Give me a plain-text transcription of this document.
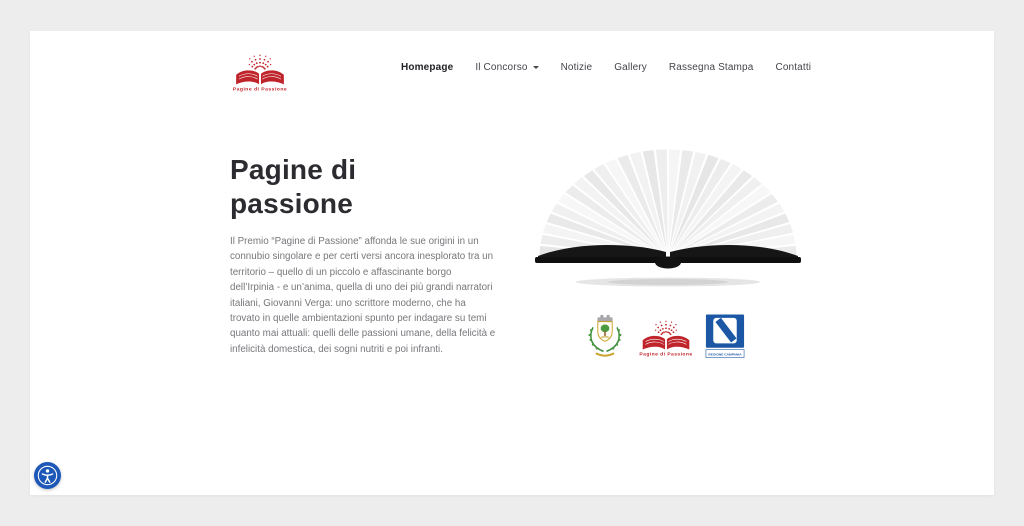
Homepage Il Concorso	Notizie Gallery Rassegna Stampa Contatti
Pagine di passione

Il Premio “Pagine di Passione” affonda le sue origini in un connubio singolare e per certi versi ancora inesplorato tra un territorio – quello di un piccolo e affascinante borgo dell’Irpinia - e un’anima, quella di uno dei più grandi narratori italiani, Giovanni Verga: uno scrittore moderno, che ha trovato in quelle ambientazioni spunto per indagare su temi quanto mai attuali: quelli delle passioni umane, della felicità e infelicità domestica, dei sogni nutriti e poi infranti.	REGIONE CAMPANIA
